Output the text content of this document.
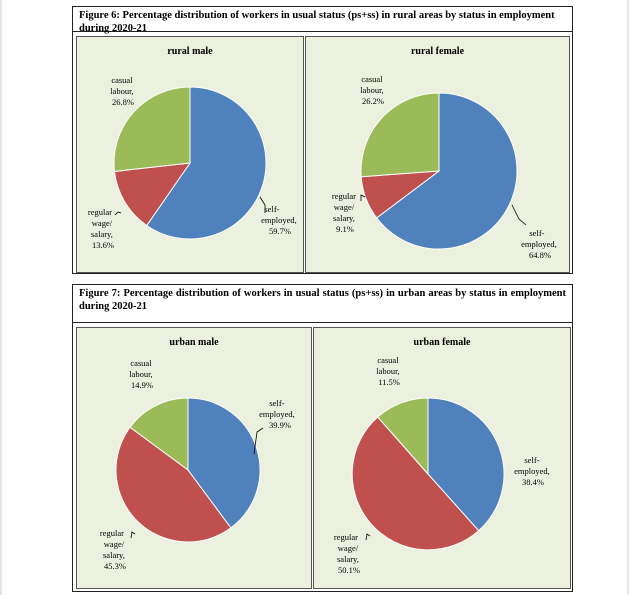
Figure 6: Percentage distribution of workers in usual status (ps+ss) in rural areas by status in employment during 2020-21
rural male
self- employed, 59.7%
regular wage/ salary, 13.6%
casual labour, 26.8%
rural female
self- employed, 64.8%
regular wage/ salary, 9.1%
casual labour, 26.2%
Figure 7: Percentage distribution of workers in usual status (ps+ss) in urban areas by status in employment during 2020-21
urban male
self- employed, 39.9%
regular wage/ salary, 45.3%
casual labour, 14.9%
urban female
self- employed, 38.4%
regular wage/ salary, 50.1%
casual labour, 11.5%
